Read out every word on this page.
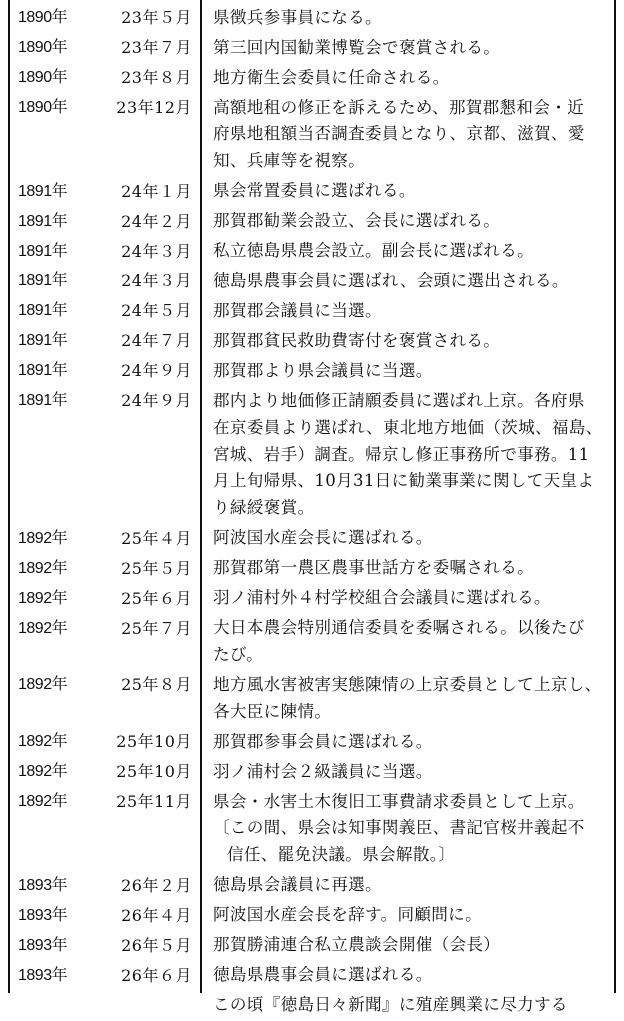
1890年	23年５月 県徴兵参事員になる。
1890年	23年７月 第三回内国勧業博覧会で褒賞される。
1890年	23年８月 地方衛生会委員に任命される。
1890年	23年12月 高額地租の修正を訴えるため、那賀郡懇和会・近
府県地租額当否調査委員となり、京都、滋賀、愛
知、兵庫等を視察。
1891年	24年１月 県会常置委員に選ばれる。
1891年	24年２月 那賀郡勧業会設立、会長に選ばれる。
1891年	24年３月 私立徳島県農会設立。副会長に選ばれる。
1891年	24年３月 徳島県農事会員に選ばれ、会頭に選出される。
1891年	24年５月 那賀郡会議員に当選。
1891年	24年７月 那賀郡貧民救助費寄付を褒賞される。
1891年	24年９月 那賀郡より県会議員に当選。
1891年	24年９月 郡内より地価修正請願委員に選ばれ上京。各府県
在京委員より選ばれ、東北地方地価（茨城、福島、
宮城、岩手）調査。帰京し修正事務所で事務。11
月上旬帰県、10月31日に勧業事業に関して天皇よ
り緑綬褒賞。
1892年	25年４月 阿波国水産会長に選ばれる。
1892年	25年５月 那賀郡第一農区農事世話方を委嘱される。
1892年	25年６月 羽ノ浦村外４村学校組合会議員に選ばれる。
1892年	25年７月 大日本農会特別通信委員を委嘱される。以後たび
たび。
1892年	25年８月 地方風水害被害実態陳情の上京委員として上京し、
各大臣に陳情。
1892年	25年10月 那賀郡参事会員に選ばれる。
1892年	25年10月 羽ノ浦村会２級議員に当選。
1892年	25年11月 県会・水害土木復旧工事費請求委員として上京。
〔この間、県会は知事関義臣、書記官桜井義起不
信任、罷免決議。県会解散。〕
1893年	26年２月 徳島県会議員に再選。
1893年	26年４月 阿波国水産会長を辞す。同顧問に。
1893年	26年５月 那賀勝浦連合私立農談会開催（会長）
1893年	26年６月 徳島県農事会員に選ばれる。
この頃『徳島日々新聞』に殖産興業に尽力する
